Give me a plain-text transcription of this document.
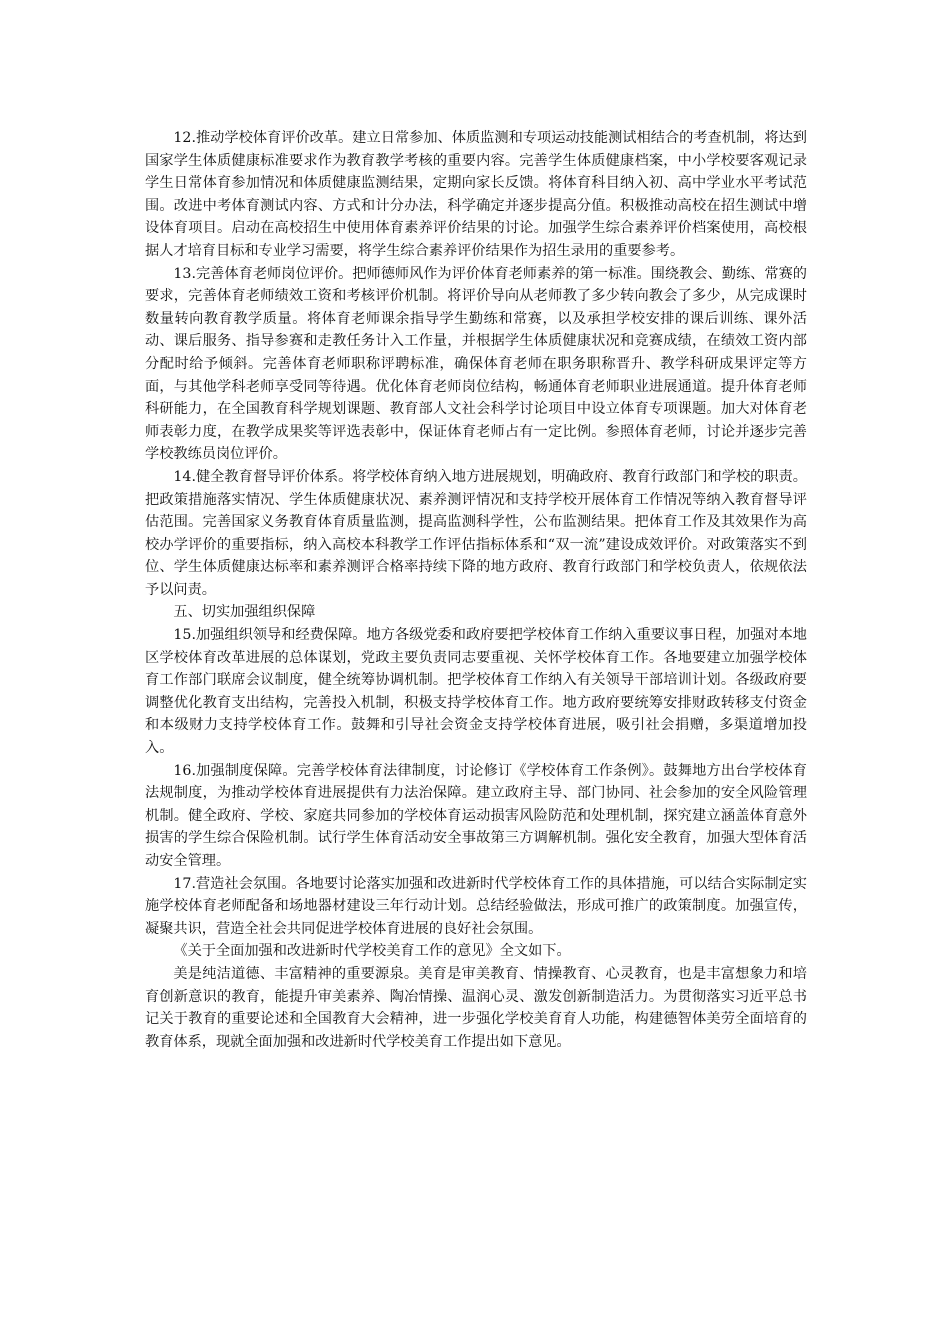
12.推动学校体育评价改革。建立日常参加、体质监测和专项运动技能测试相结合的考查机制，将达到国家学生体质健康标准要求作为教育教学考核的重要内容。完善学生体质健康档案，中小学校要客观记录学生日常体育参加情况和体质健康监测结果，定期向家长反馈。将体育科目纳入初、高中学业水平考试范围。改进中考体育测试内容、方式和计分办法，科学确定并逐步提高分值。积极推动高校在招生测试中增设体育项目。启动在高校招生中使用体育素养评价结果的讨论。加强学生综合素养评价档案使用，高校根据人才培育目标和专业学习需要，将学生综合素养评价结果作为招生录用的重要参考。

13.完善体育老师岗位评价。把师德师风作为评价体育老师素养的第一标准。围绕教会、勤练、常赛的要求，完善体育老师绩效工资和考核评价机制。将评价导向从老师教了多少转向教会了多少，从完成课时数量转向教育教学质量。将体育老师课余指导学生勤练和常赛，以及承担学校安排的课后训练、课外活动、课后服务、指导参赛和走教任务计入工作量，并根据学生体质健康状况和竞赛成绩，在绩效工资内部分配时给予倾斜。完善体育老师职称评聘标准，确保体育老师在职务职称晋升、教学科研成果评定等方面，与其他学科老师享受同等待遇。优化体育老师岗位结构，畅通体育老师职业进展通道。提升体育老师科研能力，在全国教育科学规划课题、教育部人文社会科学讨论项目中设立体育专项课题。加大对体育老师表彰力度，在教学成果奖等评选表彰中，保证体育老师占有一定比例。参照体育老师，讨论并逐步完善学校教练员岗位评价。

14.健全教育督导评价体系。将学校体育纳入地方进展规划，明确政府、教育行政部门和学校的职责。把政策措施落实情况、学生体质健康状况、素养测评情况和支持学校开展体育工作情况等纳入教育督导评估范围。完善国家义务教育体育质量监测，提高监测科学性，公布监测结果。把体育工作及其效果作为高校办学评价的重要指标，纳入高校本科教学工作评估指标体系和“双一流”建设成效评价。对政策落实不到位、学生体质健康达标率和素养测评合格率持续下降的地方政府、教育行政部门和学校负责人，依规依法予以问责。

五、切实加强组织保障

15.加强组织领导和经费保障。地方各级党委和政府要把学校体育工作纳入重要议事日程，加强对本地区学校体育改革进展的总体谋划，党政主要负责同志要重视、关怀学校体育工作。各地要建立加强学校体育工作部门联席会议制度，健全统筹协调机制。把学校体育工作纳入有关领导干部培训计划。各级政府要调整优化教育支出结构，完善投入机制，积极支持学校体育工作。地方政府要统筹安排财政转移支付资金和本级财力支持学校体育工作。鼓舞和引导社会资金支持学校体育进展，吸引社会捐赠，多渠道增加投入。

16.加强制度保障。完善学校体育法律制度，讨论修订《学校体育工作条例》。鼓舞地方出台学校体育法规制度，为推动学校体育进展提供有力法治保障。建立政府主导、部门协同、社会参加的安全风险管理机制。健全政府、学校、家庭共同参加的学校体育运动损害风险防范和处理机制，探究建立涵盖体育意外损害的学生综合保险机制。试行学生体育活动安全事故第三方调解机制。强化安全教育，加强大型体育活动安全管理。

17.营造社会氛围。各地要讨论落实加强和改进新时代学校体育工作的具体措施，可以结合实际制定实施学校体育老师配备和场地器材建设三年行动计划。总结经验做法，形成可推广的政策制度。加强宣传，凝聚共识，营造全社会共同促进学校体育进展的良好社会氛围。

《关于全面加强和改进新时代学校美育工作的意见》全文如下。

美是纯洁道德、丰富精神的重要源泉。美育是审美教育、情操教育、心灵教育，也是丰富想象力和培育创新意识的教育，能提升审美素养、陶冶情操、温润心灵、激发创新制造活力。为贯彻落实习近平总书记关于教育的重要论述和全国教育大会精神，进一步强化学校美育育人功能，构建德智体美劳全面培育的教育体系，现就全面加强和改进新时代学校美育工作提出如下意见。
